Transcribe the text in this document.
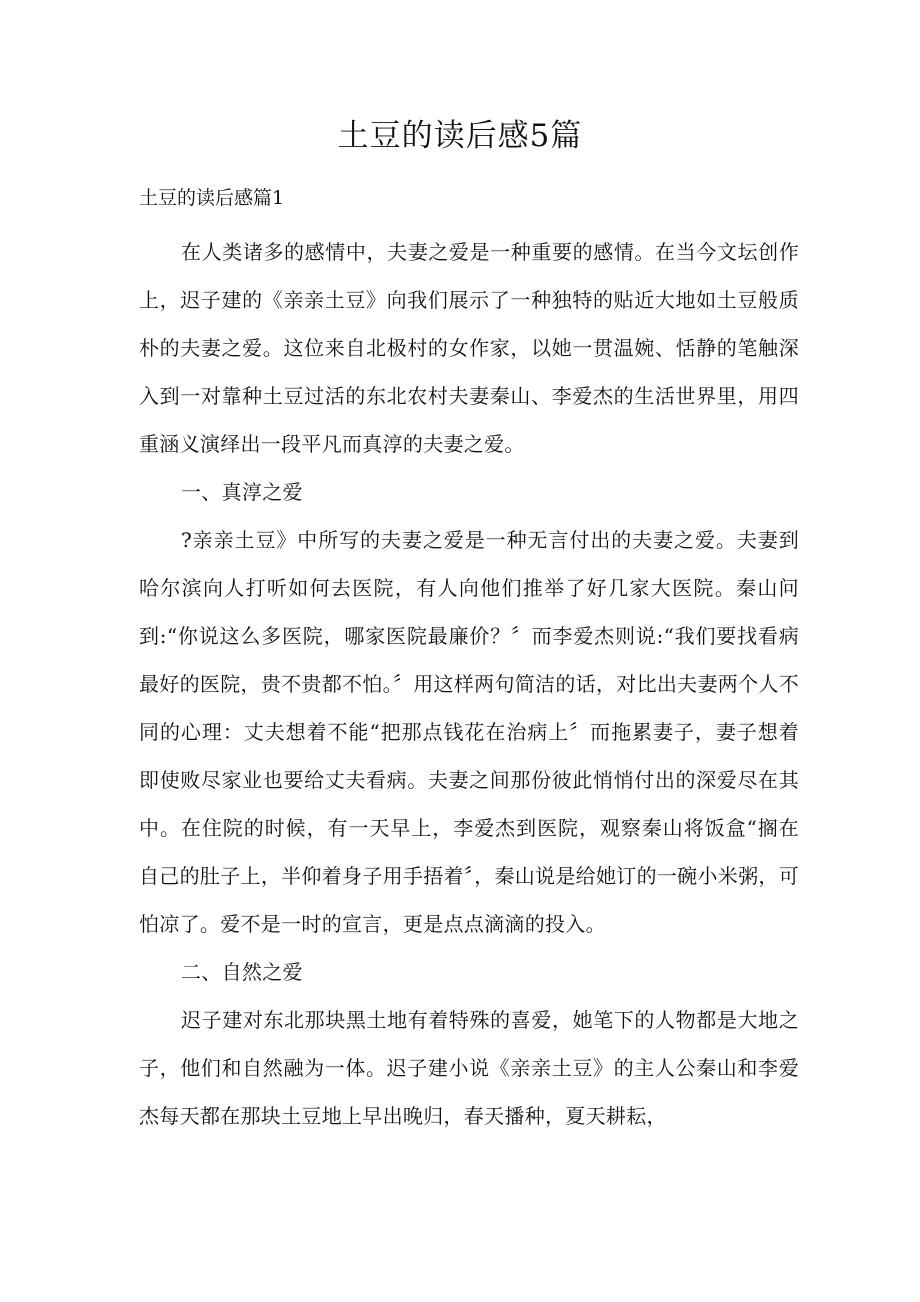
土豆的读后感5篇
土豆的读后感篇1

在人类诸多的感情中，夫妻之爱是一种重要的感情。在当今文坛创作上，迟子建的《亲亲土豆》向我们展示了一种独特的贴近大地如土豆般质朴的夫妻之爱。这位来自北极村的女作家，以她一贯温婉、恬静的笔触深入到一对靠种土豆过活的东北农村夫妻秦山、李爱杰的生活世界里，用四重涵义演绎出一段平凡而真淳的夫妻之爱。

一、真淳之爱

?亲亲土豆》中所写的夫妻之爱是一种无言付出的夫妻之爱。夫妻到哈尔滨向人打听如何去医院，有人向他们推举了好几家大医院。秦山问到:“你说这么多医院，哪家医院最廉价？〞而李爱杰则说:“我们要找看病最好的医院，贵不贵都不怕。〞用这样两句简洁的话，对比出夫妻两个人不同的心理：丈夫想着不能“把那点钱花在治病上〞而拖累妻子，妻子想着即使败尽家业也要给丈夫看病。夫妻之间那份彼此悄悄付出的深爱尽在其中。在住院的时候，有一天早上，李爱杰到医院，观察秦山将饭盒“搁在自己的肚子上，半仰着身子用手捂着〞，秦山说是给她订的一碗小米粥，可怕凉了。爱不是一时的宣言，更是点点滴滴的投入。

二、自然之爱

迟子建对东北那块黑土地有着特殊的喜爱，她笔下的人物都是大地之子，他们和自然融为一体。迟子建小说《亲亲土豆》的主人公秦山和李爱杰每天都在那块土豆地上早出晚归，春天播种，夏天耕耘，
